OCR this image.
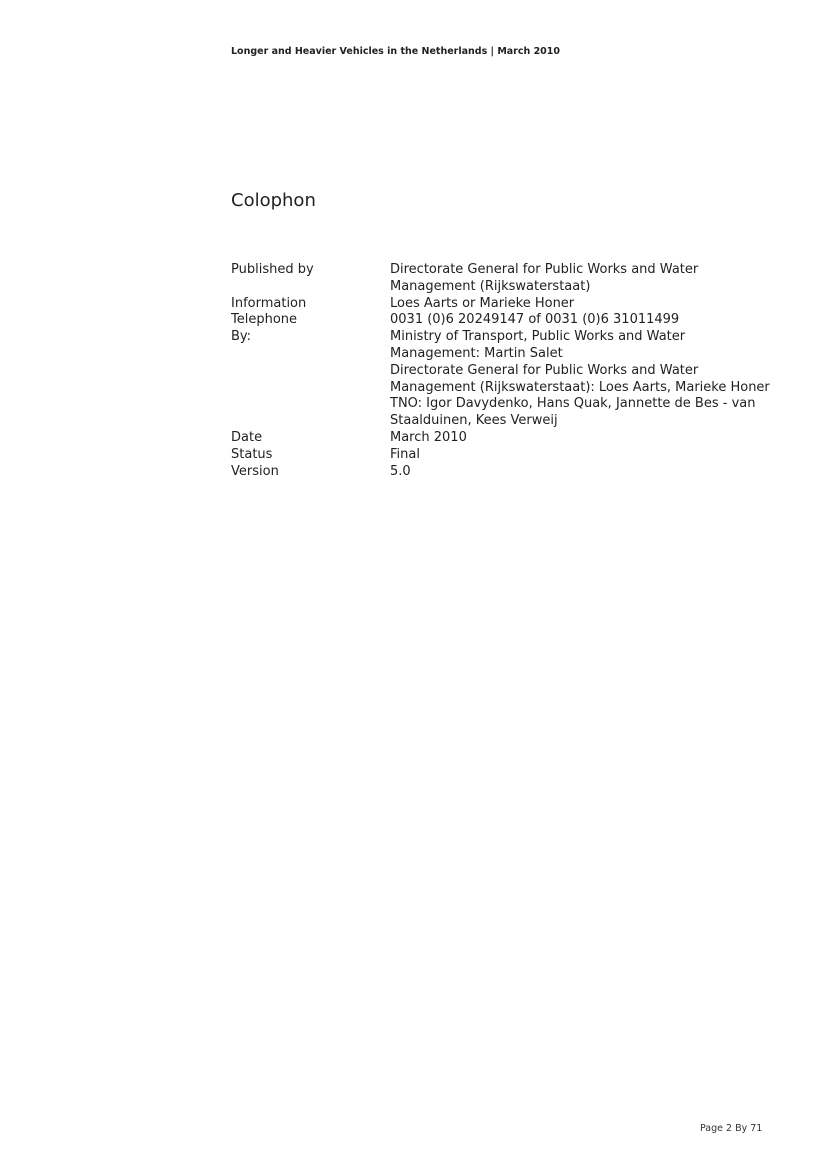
Longer and Heavier Vehicles in the Netherlands | March 2010
Colophon
Published by	Directorate General for Public Works and Water
Management (Rijkswaterstaat)
Information	Loes Aarts or Marieke Honer
Telephone	0031 (0)6 20249147 of 0031 (0)6 31011499
By:	Ministry of Transport, Public Works and Water
Management: Martin Salet
Directorate General for Public Works and Water
Management (Rijkswaterstaat): Loes Aarts, Marieke Honer
TNO: Igor Davydenko, Hans Quak, Jannette de Bes - van
Staalduinen, Kees Verweij
Date	March 2010
Status	Final
Version	5.0
Page 2 By 71
